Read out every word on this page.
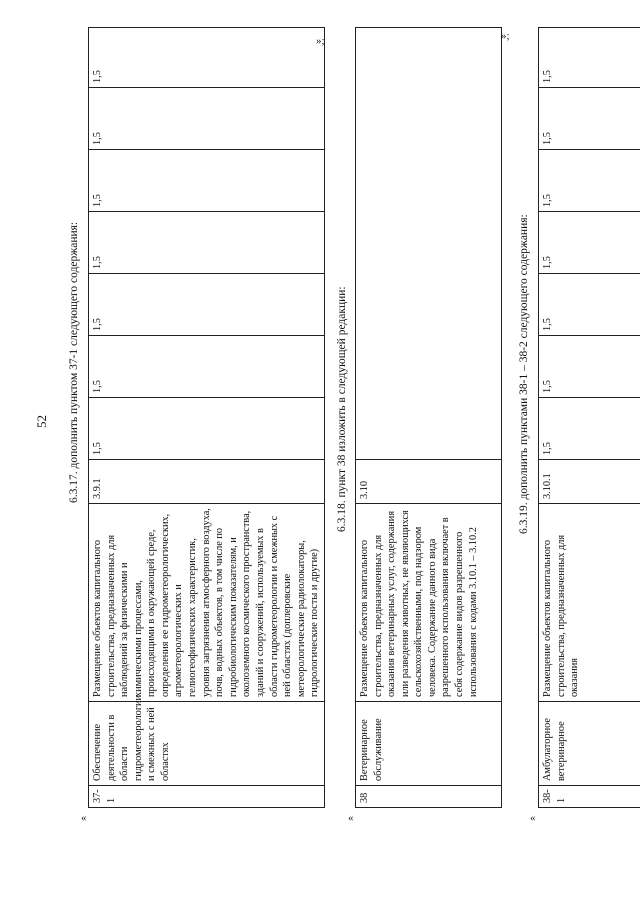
52 6.3.17. дополнить пунктом 37-1 следующего содержания:
«
37-1	Обеспечение деятельности в области гидрометеорологии и смежных с ней областях	Размещение объектов капитального строительства, предназначенных для наблюдений за физическими и химическими процессами, происходящими в окружающей среде, определения ее гидрометеорологических, агрометеорологических и гелиогеофизических характеристик, уровня загрязнения атмосферного воздуха, почв, водных объектов, в том числе по гидробиологическим показателям, и околоземного космического пространства, зданий и сооружений, используемых в области гидрометеорологии и смежных с ней областях (доплеровские метеорологические радиолокаторы, гидрологические посты и другие)	3.9.1	1,5	1,5	1,5	1,5	1,5	1,5	1,5
»;
6.3.18. пункт 38 изложить в следующей редакции:
«
38	Ветеринарное обслуживание	Размещение объектов капитального строительства, предназначенных для оказания ветеринарных услуг, содержания или разведения животных, не являющихся сельскохозяйственными, под надзором человека. Содержание данного вида разрешенного использования включает в себя содержание видов разрешенного использования с кодами 3.10.1 – 3.10.2	3.10	
»;
6.3.19. дополнить пунктами 38-1 – 38-2 следующего содержания:
«
38-1	Амбулаторное ветеринарное	Размещение объектов капитального строительства, предназначенных для оказания	3.10.1	1,5	1,5	1,5	1,5	1,5	1,5	1,5
